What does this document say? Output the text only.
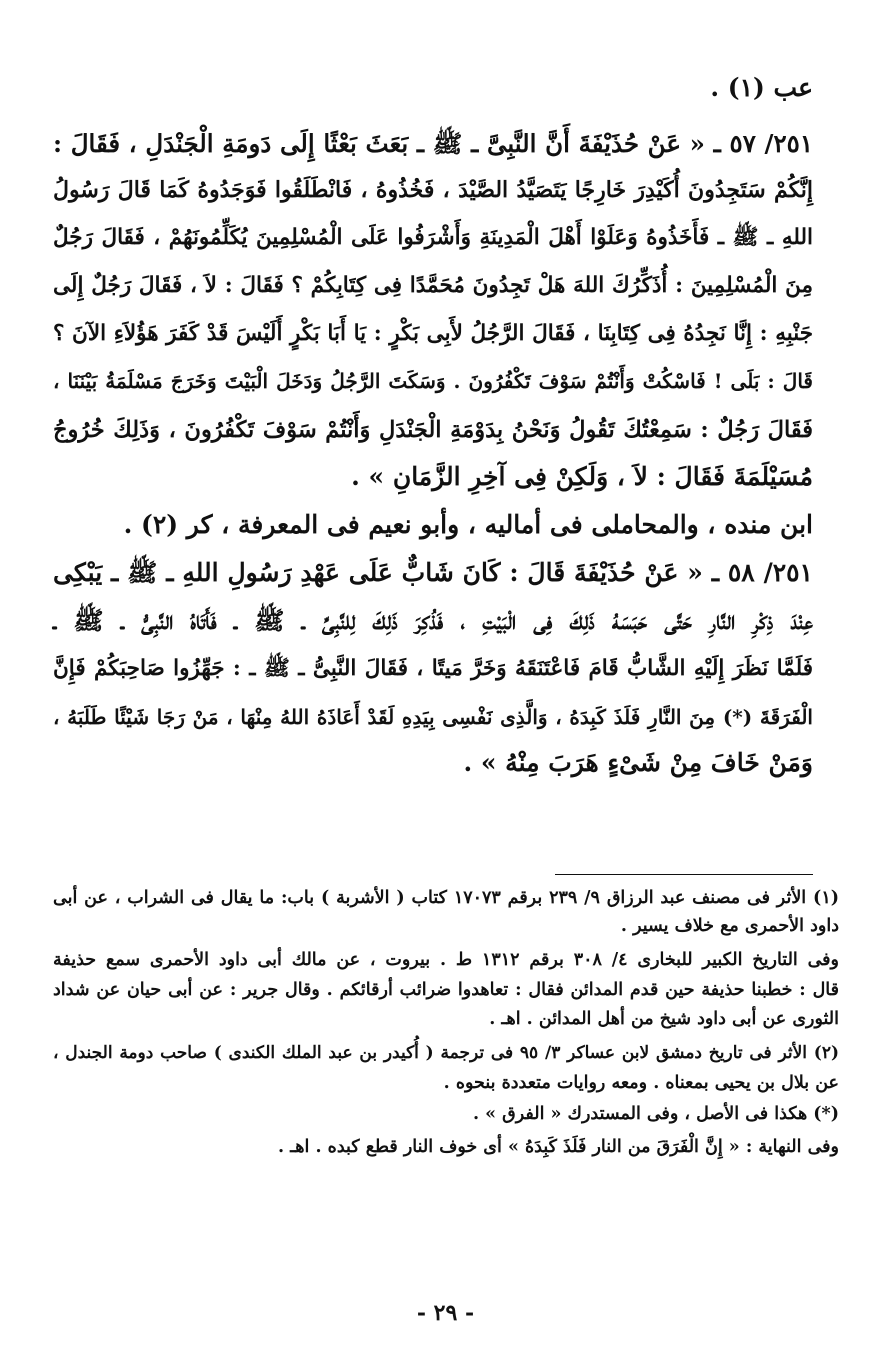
عب (١) .
٢٥١/ ٥٧ ـ « عَنْ حُذَيْفَةَ أَنَّ النَّبِىَّ ـ ﷺ ـ بَعَثَ بَعْثًا إِلَى دَومَةِ الْجَنْدَلِ ، فَقَالَ :
إِنَّكُمْ سَتَجِدُونَ أُكَيْدِرَ خَارِجًا يَتَصَيَّدُ الصَّيْدَ ، فَخُذُوهُ ، فَانْطَلَقُوا فَوَجَدُوهُ كَمَا قَالَ رَسُولُ
اللهِ ـ ﷺ ـ فَأَخَذُوهُ وَعَلَوْا أَهْلَ الْمَدِينَةِ وَأَشْرَفُوا عَلَى الْمُسْلِمِينَ يُكَلِّمُونَهُمْ ، فَقَالَ رَجُلٌ
مِنَ الْمُسْلِمِينَ : أُذَكِّرُكَ اللهَ هَلْ تَجِدُونَ مُحَمَّدًا فِى كِتَابِكُمْ ؟ فَقَالَ : لاَ ، فَقَالَ رَجُلٌ إِلَى
جَنْبِهِ : إِنَّا نَجِدُهُ فِى كِتَابِنَا ، فَقَالَ الرَّجُلُ لأَبِى بَكْرٍ : يَا أَبَا بَكْرٍ أَلَيْسَ قَدْ كَفَرَ هَؤُلاَءِ الآنَ ؟
قَالَ : بَلَى ! فَاسْكُتْ وَأَنْتُمْ سَوْفَ تَكْفُرُونَ . وَسَكَتَ الرَّجُلُ وَدَخَلَ الْبَيْتَ وَخَرَجَ مَسْلَمَةُ بَيْنَنَا ،
فَقَالَ رَجُلٌ : سَمِعْتُكَ تَقُولُ وَنَحْنُ بِدَوْمَةِ الْجَنْدَلِ وَأَنْتُمْ سَوْفَ تَكْفُرُونَ ، وَذَلِكَ خُرُوجُ
مُسَيْلَمَةَ فَقَالَ : لاَ ، وَلَكِنْ فِى آخِرِ الزَّمَانِ » .
ابن منده ، والمحاملى فى أماليه ، وأبو نعيم فى المعرفة ، كر (٢) .
٢٥١/ ٥٨ ـ « عَنْ حُذَيْفَةَ قَالَ : كَانَ شَابٌّ عَلَى عَهْدِ رَسُولِ اللهِ ـ ﷺ ـ يَبْكِى
عِنْدَ ذِكْرِ النَّارِ حَتَّى حَبَسَهُ ذَلِكَ فِى الْبَيْتِ ، فَذُكِرَ ذَلِكَ لِلنَّبِىِّ ـ ﷺ ـ فَأَتَاهُ النَّبِىُّ ـ ﷺ ـ
فَلَمَّا نَظَرَ إِلَيْهِ الشَّابُّ قَامَ فَاعْتَنَقَهُ وَخَرَّ مَيتًا ، فَقَالَ النَّبِىُّ ـ ﷺ ـ : جَهِّزُوا صَاحِبَكُمْ فَإِنَّ
الْفَرَقَةَ (*) مِنَ النَّارِ فَلَذَ كَبِدَهُ ، وَالَّذِى نَفْسِى بِيَدِهِ لَقَدْ أَعَاذَهُ اللهُ مِنْهَا ، مَنْ رَجَا شَيْئًا طَلَبَهُ ،
وَمَنْ خَافَ مِنْ شَىْءٍ هَرَبَ مِنْهُ » .
(١) الأثر فى مصنف عبد الرزاق ٩/ ٢٣٩ برقم ١٧٠٧٣ كتاب ( الأشربة ) باب: ما يقال فى الشراب ، عن أبى
داود الأحمرى مع خلاف يسير .
وفى التاريخ الكبير للبخارى ٤/ ٣٠٨ برقم ١٣١٢ ط . بيروت ، عن مالك أبى داود الأحمرى سمع حذيفة
قال : خطبنا حذيفة حين قدم المدائن فقال : تعاهدوا ضرائب أرقائكم . وقال جرير : عن أبى حيان عن شداد
الثورى عن أبى داود شيخ من أهل المدائن . اهـ .
(٢) الأثر فى تاريخ دمشق لابن عساكر ٣/ ٩٥ فى ترجمة ( أُكيدر بن عبد الملك الكندى ) صاحب دومة الجندل ،
عن بلال بن يحيى بمعناه . ومعه روايات متعددة بنحوه .
(*) هكذا فى الأصل ، وفى المستدرك « الفرق » .
وفى النهاية : « إِنَّ الْفَرَقَ من النار فَلَذَ كَبِدَهُ » أى خوف النار قطع كبده . اهـ .
- ٢٩ -
